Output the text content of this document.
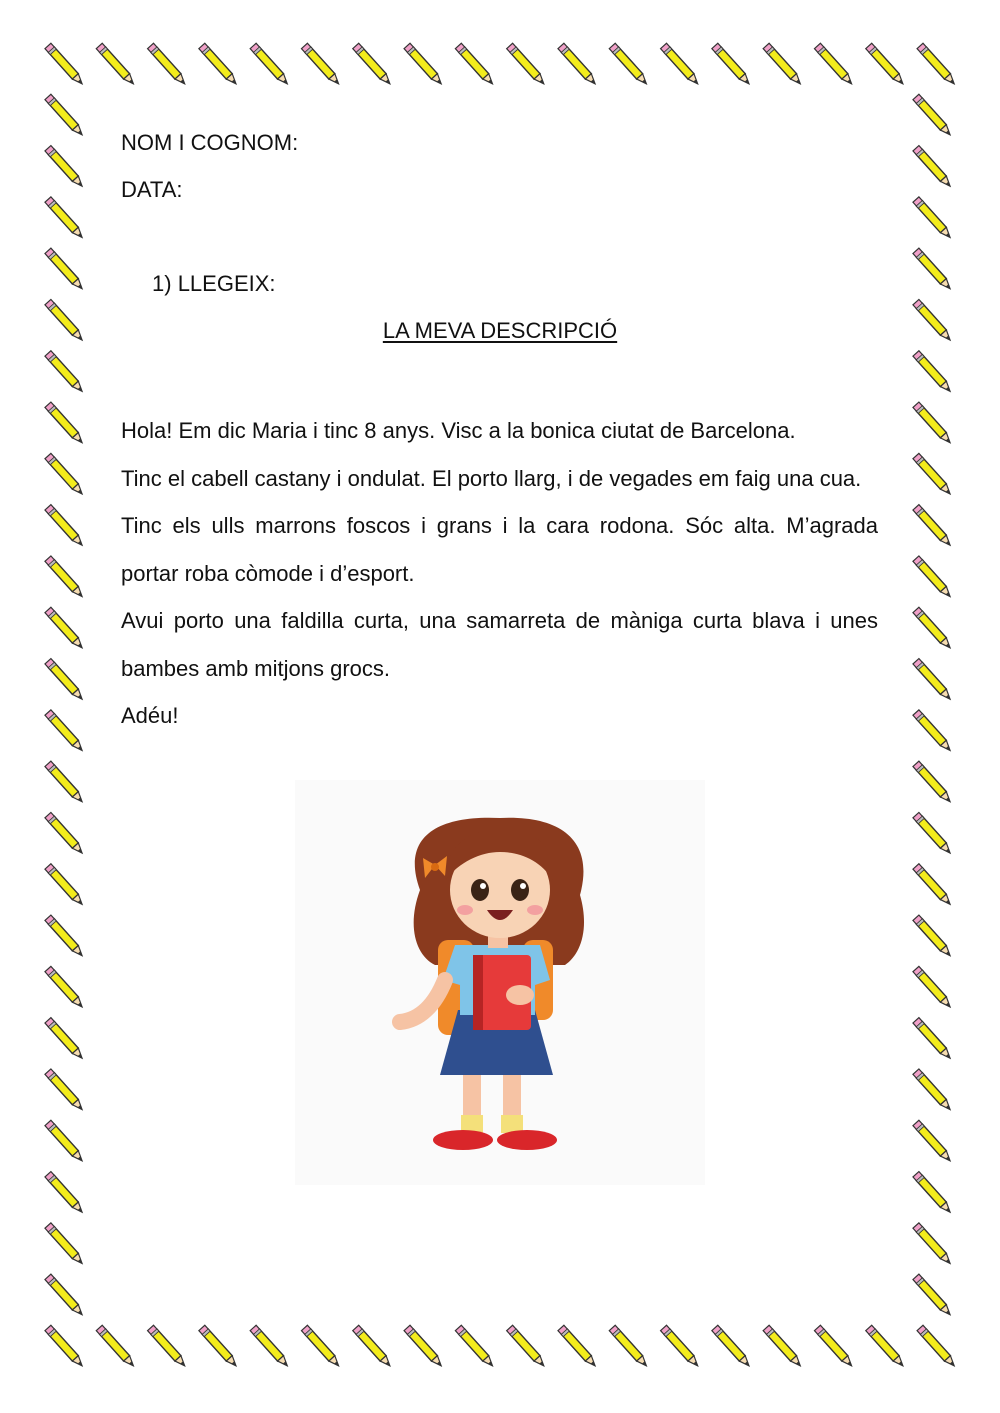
NOM I COGNOM:

DATA:

1) LLEGEIX:

LA MEVA DESCRIPCIÓ

Hola! Em dic Maria i tinc 8 anys. Visc a la bonica ciutat de Barcelona.

Tinc el cabell castany i ondulat. El porto llarg, i de vegades em faig una cua.

Tinc els ulls marrons foscos i grans i la cara rodona. Sóc alta. M’agrada portar roba còmode i d’esport.

Avui porto una faldilla curta, una samarreta de màniga curta blava i unes bambes amb mitjons grocs.

Adéu!
